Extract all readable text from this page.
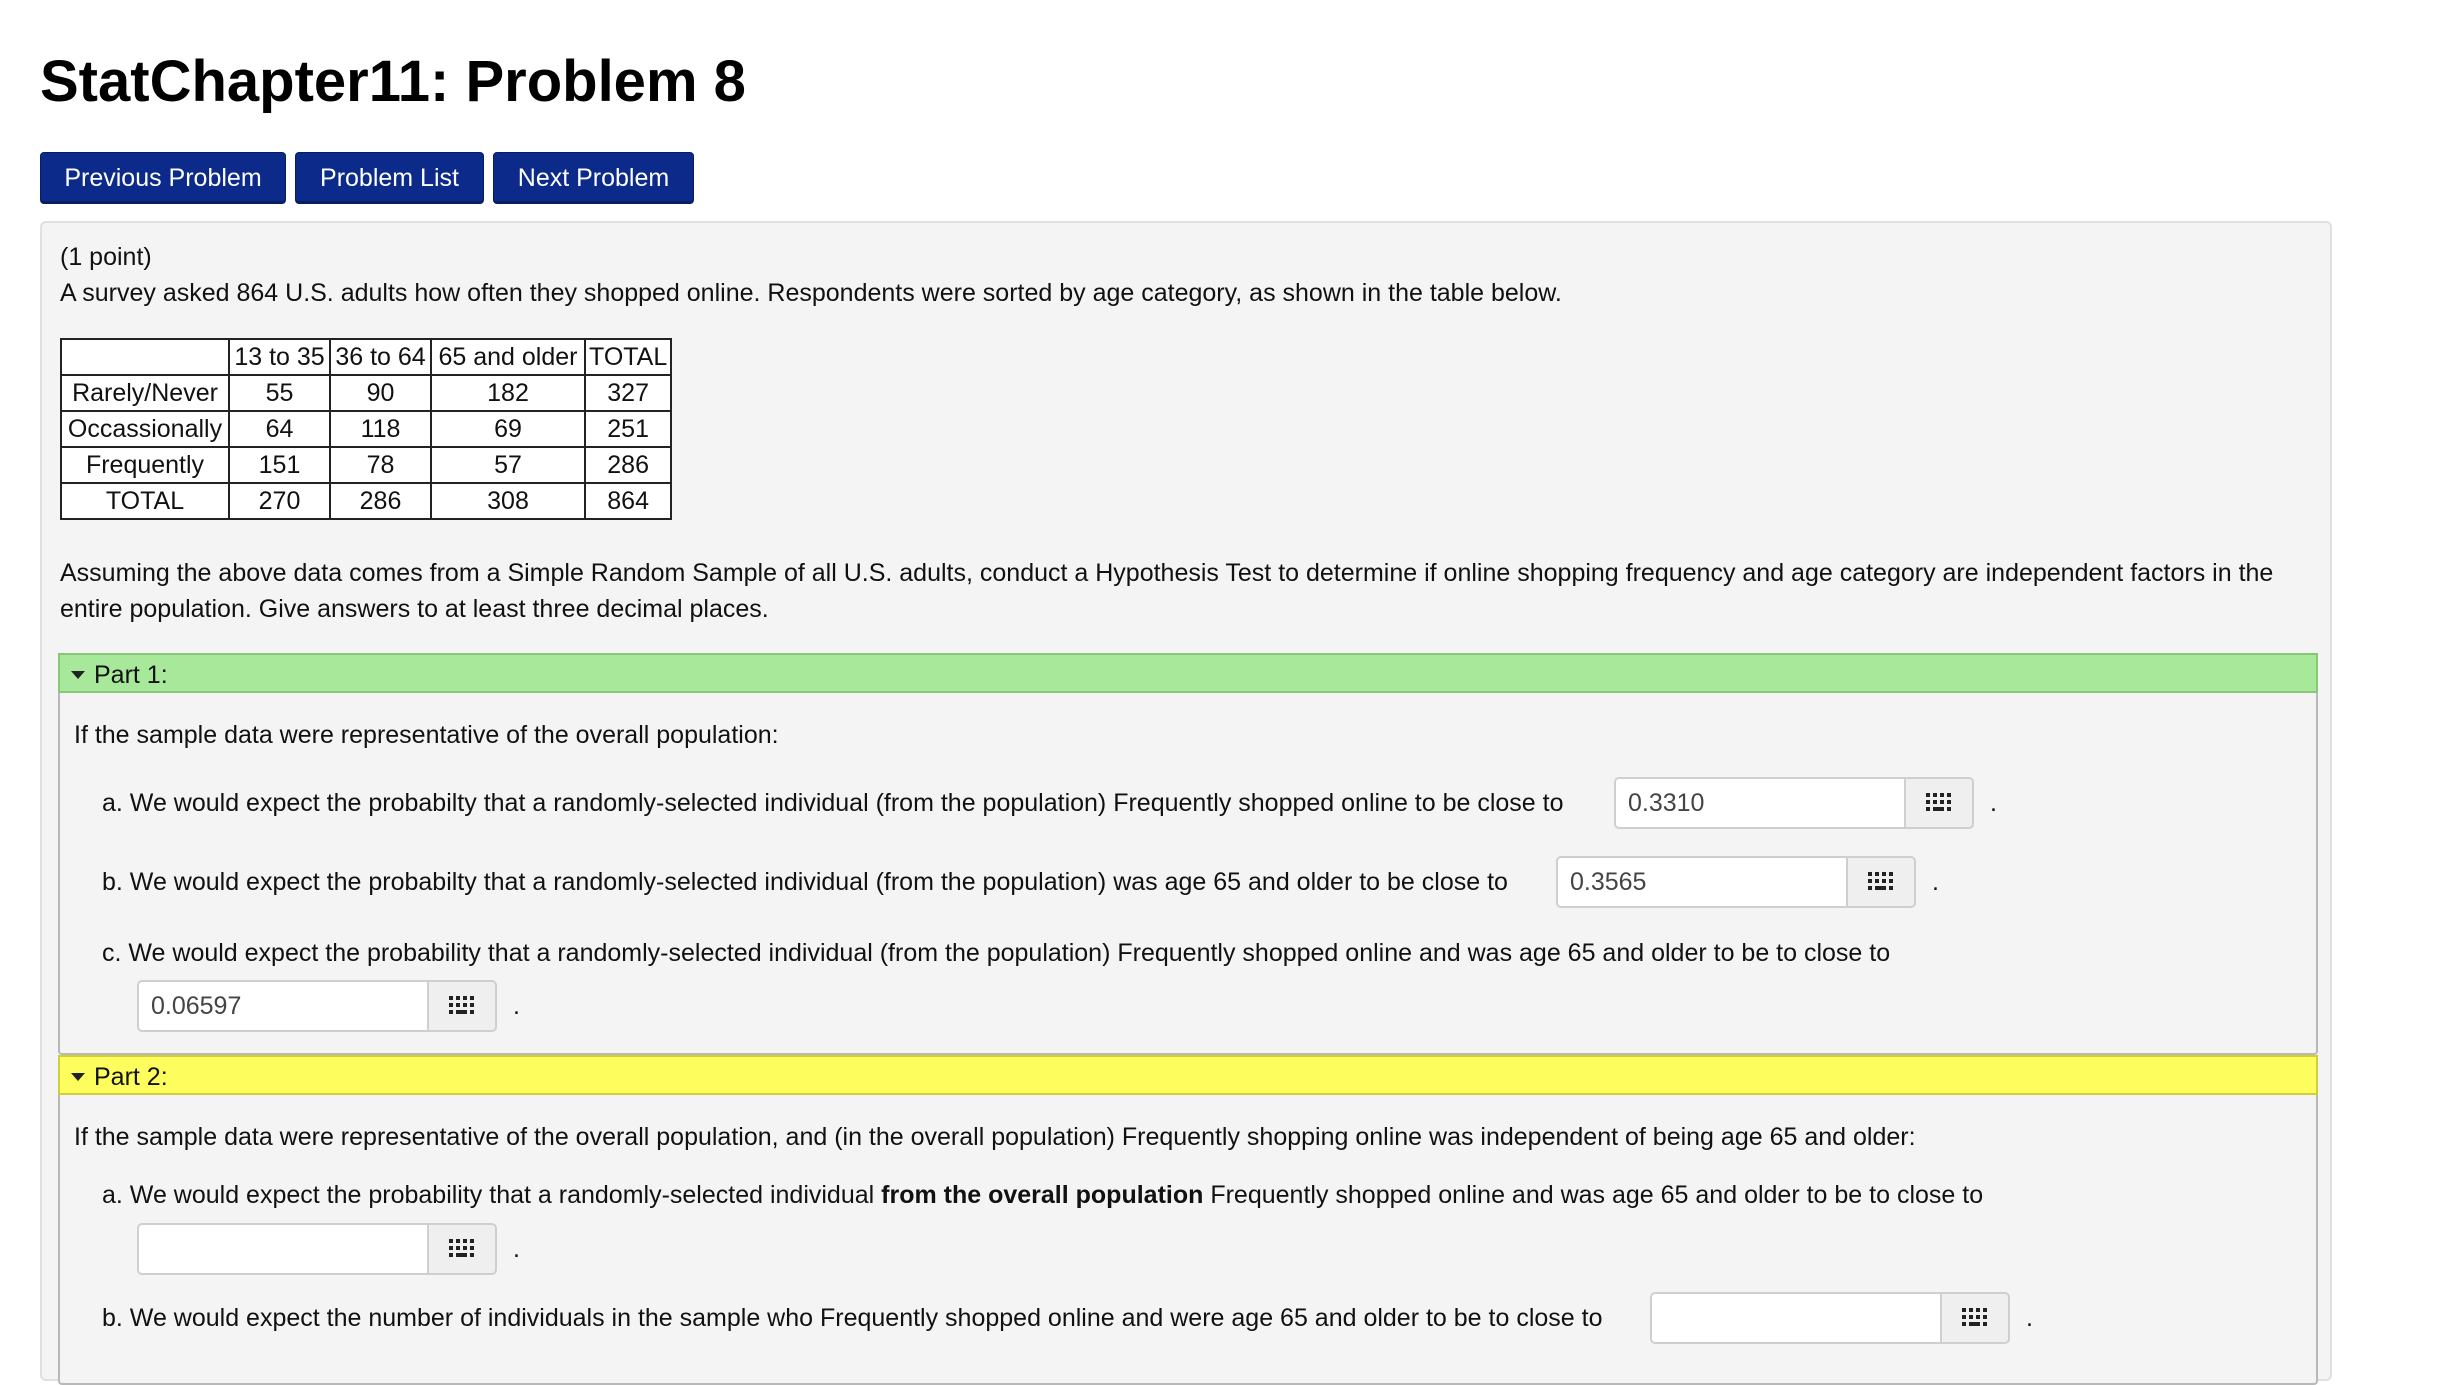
StatChapter11: Problem 8
Previous Problem	Problem List	Next Problem
(1 point)
A survey asked 864 U.S. adults how often they shopped online. Respondents were sorted by age category, as shown in the table below.
	13 to 35	36 to 64	65 and older	TOTAL
Rarely/Never	55	90	182	327
Occassionally	64	118	69	251
Frequently	151	78	57	286
TOTAL	270	286	308	864
Assuming the above data comes from a Simple Random Sample of all U.S. adults, conduct a Hypothesis Test to determine if online shopping frequency and age category are independent factors in the
entire population. Give answers to at least three decimal places.
Part 1:
If the sample data were representative of the overall population:
a. We would expect the probabilty that a randomly-selected individual (from the population) Frequently shopped online to be close to
0.3310	.
b. We would expect the probabilty that a randomly-selected individual (from the population) was age 65 and older to be close to
0.3565	.
c. We would expect the probability that a randomly-selected individual (from the population) Frequently shopped online and was age 65 and older to be to close to
0.06597
.
Part 2:
If the sample data were representative of the overall population, and (in the overall population) Frequently shopping online was independent of being age 65 and older:
a. We would expect the probability that a randomly-selected individual from the overall population Frequently shopped online and was age 65 and older to be to close to
.
b. We would expect the number of individuals in the sample who Frequently shopped online and were age 65 and older to be to close to	.
